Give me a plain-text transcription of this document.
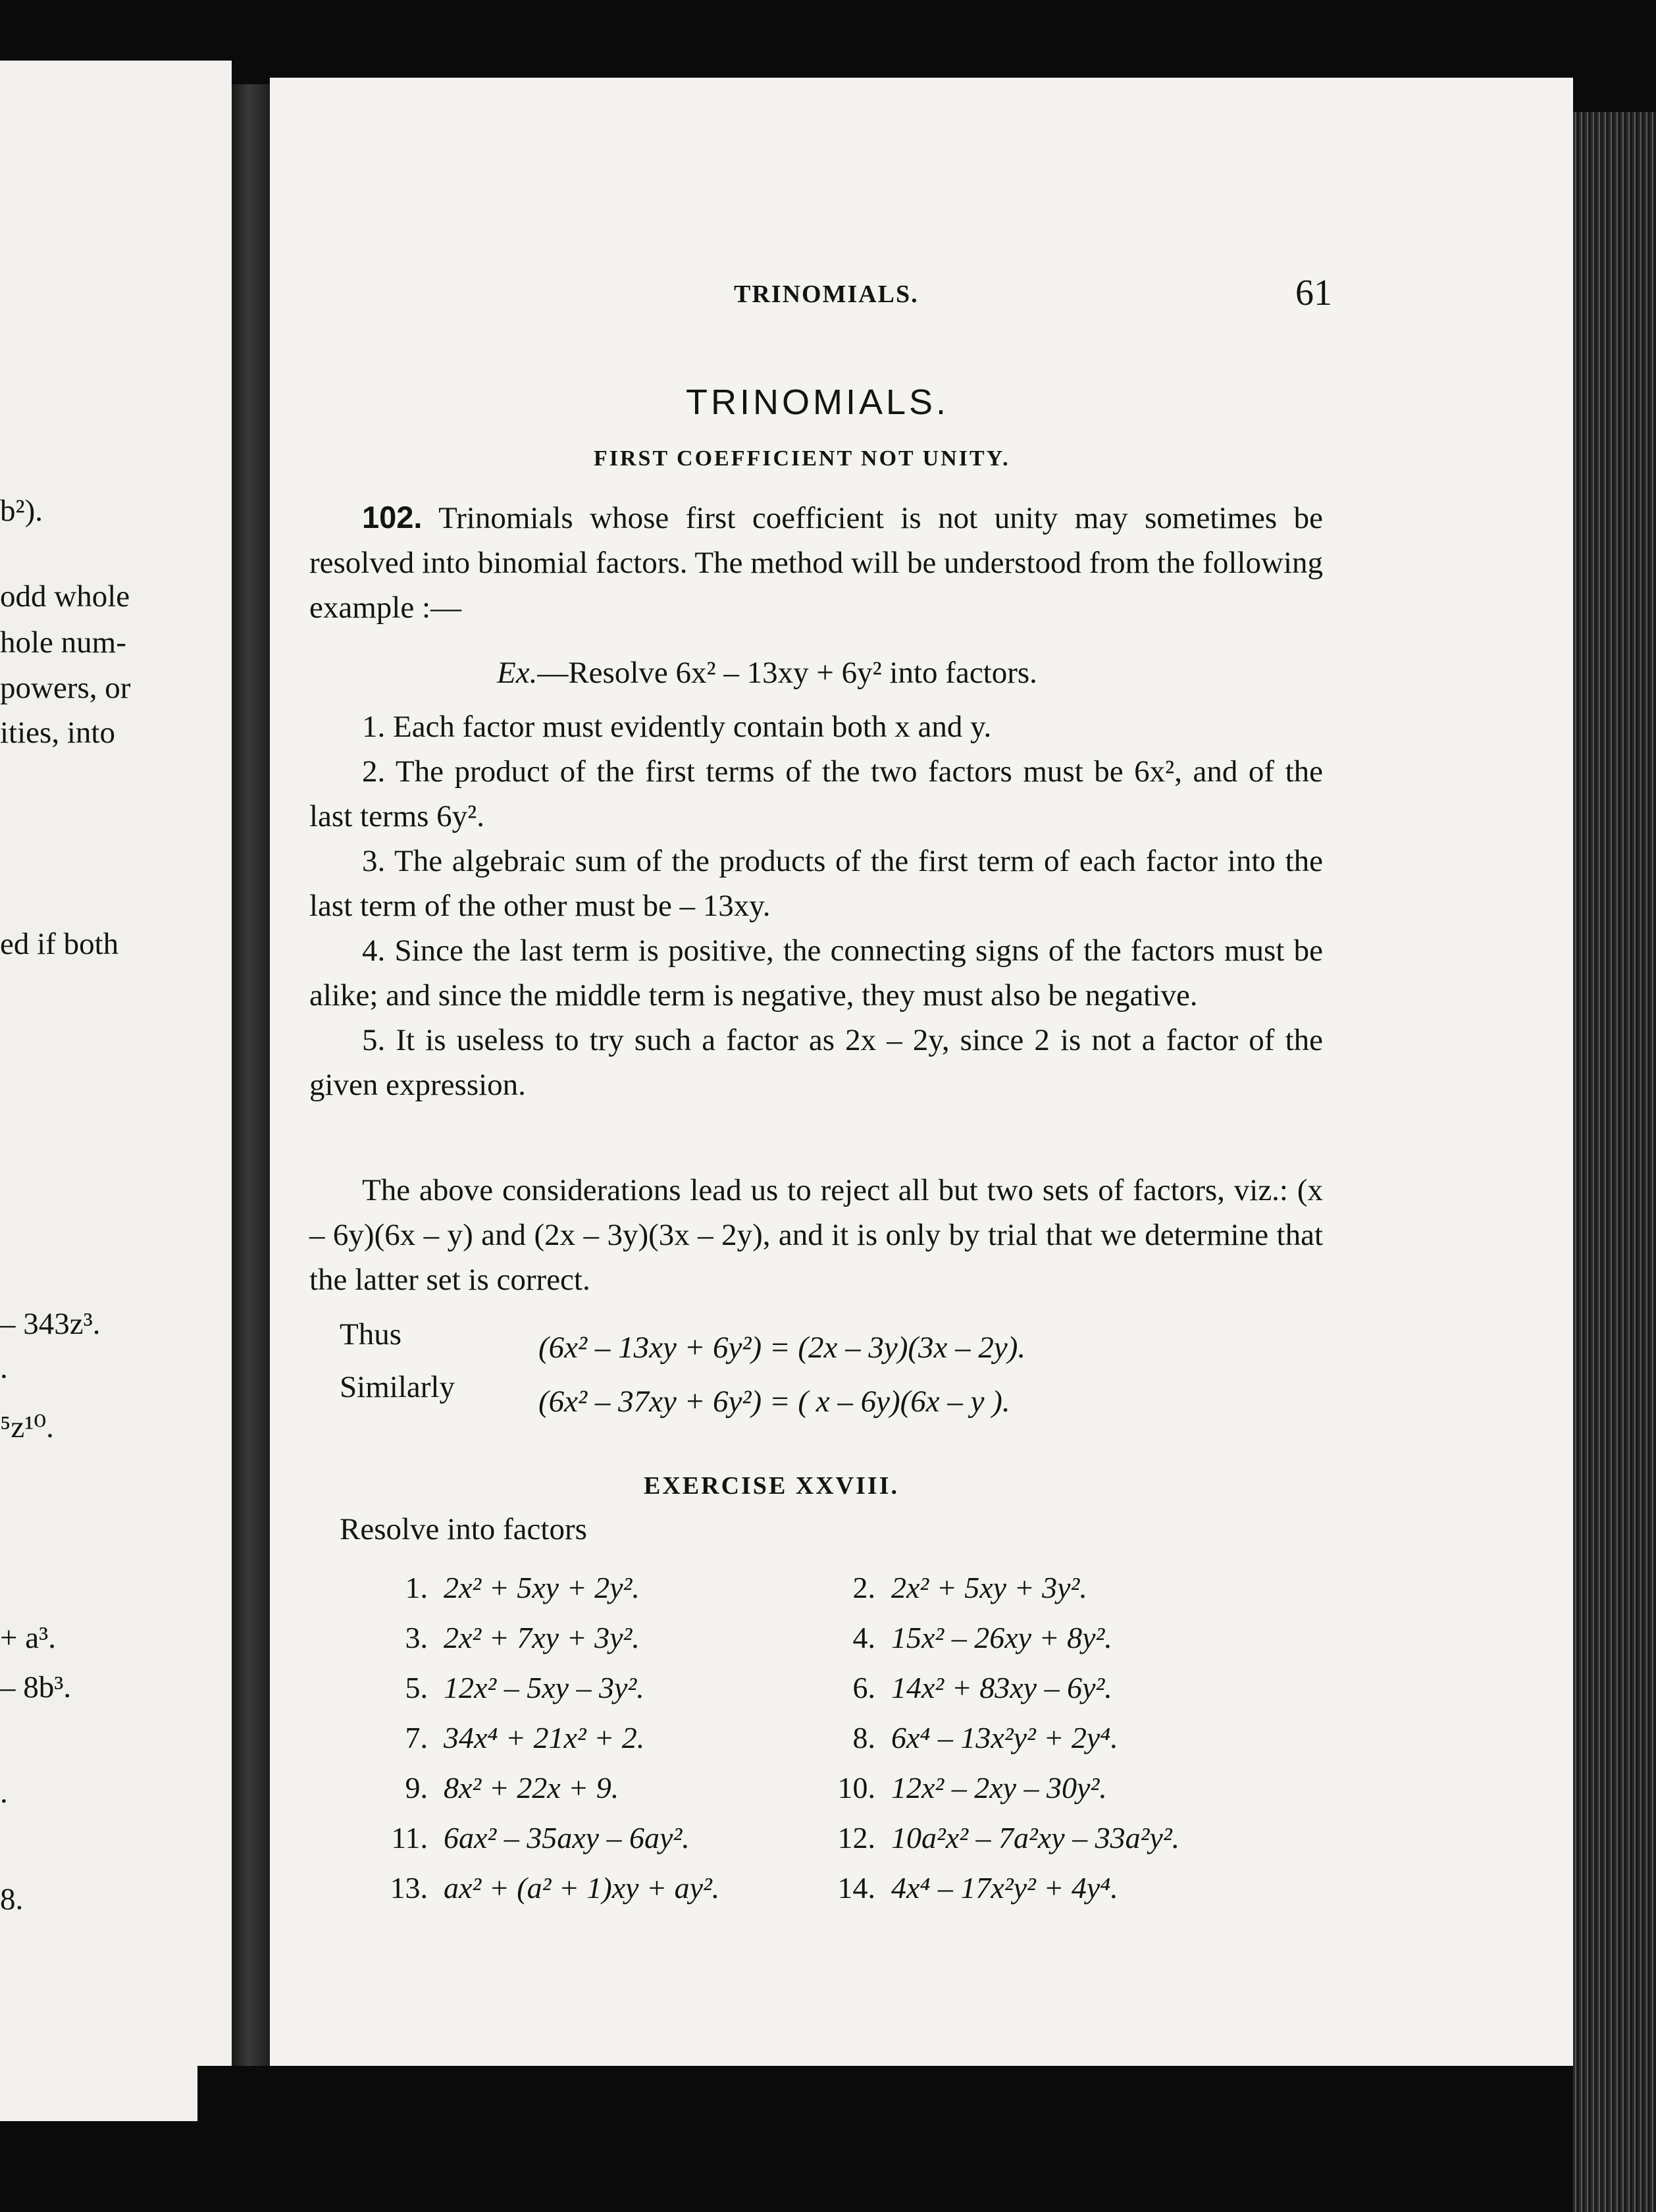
b²).
odd whole
hole num-
powers, or
ities, into
ed if both
– 343z³.
.
⁵z¹⁰.
+ a³.
– 8b³.
.
8.
TRINOMIALS.	61
TRINOMIALS.
FIRST COEFFICIENT NOT UNITY.

102. Trinomials whose first coefficient is not unity may sometimes be resolved into binomial factors. The method will be understood from the following example :—

Ex.—Resolve 6x² – 13xy + 6y² into factors.

1. Each factor must evidently contain both x and y.

2. The product of the first terms of the two factors must be 6x², and of the last terms 6y².

3. The algebraic sum of the products of the first term of each factor into the last term of the other must be – 13xy.

4. Since the last term is positive, the connecting signs of the factors must be alike; and since the middle term is negative, they must also be negative.

5. It is useless to try such a factor as 2x – 2y, since 2 is not a factor of the given expression.

The above considerations lead us to reject all but two sets of factors, viz.: (x – 6y)(6x – y) and (2x – 3y)(3x – 2y), and it is only by trial that we determine that the latter set is correct.

Thus	(6x² – 13xy + 6y²) = (2x – 3y)(3x – 2y).
Similarly	(6x² – 37xy + 6y²) = ( x – 6y)(6x – y ).
EXERCISE XXVIII.
Resolve into factors
1. 2x² + 5xy + 2y².	2. 2x² + 5xy + 3y².
3. 2x² + 7xy + 3y².	4. 15x² – 26xy + 8y².
5. 12x² – 5xy – 3y².	6. 14x² + 83xy – 6y².
7. 34x⁴ + 21x² + 2.	8. 6x⁴ – 13x²y² + 2y⁴.
9. 8x² + 22x + 9.	10. 12x² – 2xy – 30y².
11. 6ax² – 35axy – 6ay².	12. 10a²x² – 7a²xy – 33a²y².
13. ax² + (a² + 1)xy + ay².	14. 4x⁴ – 17x²y² + 4y⁴.
